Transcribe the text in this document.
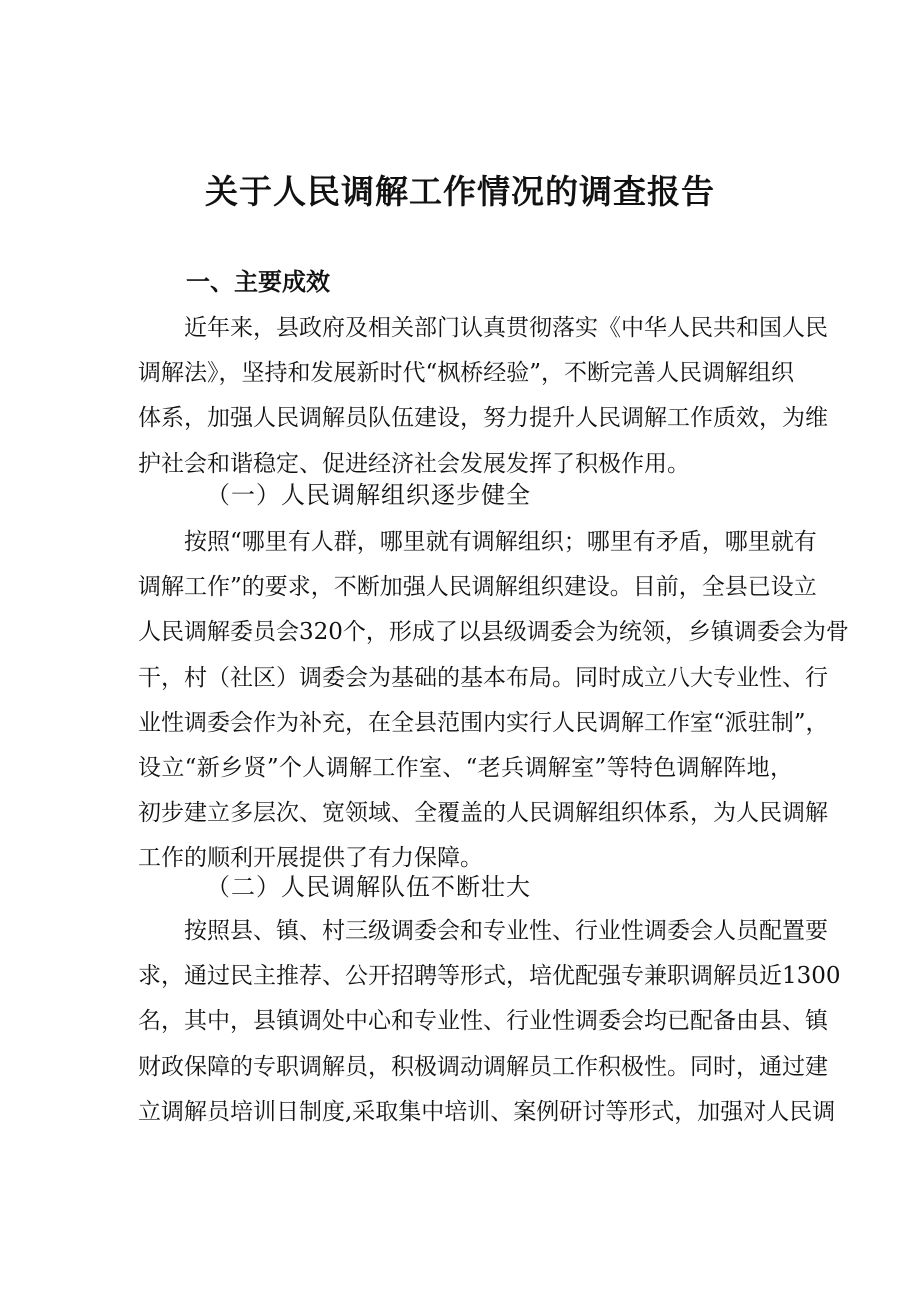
关于人民调解工作情况的调查报告
一、主要成效

近年来，县政府及相关部门认真贯彻落实《中华人民共和国人民
调解法》，坚持和发展新时代“枫桥经验”，不断完善人民调解组织
体系，加强人民调解员队伍建设，努力提升人民调解工作质效，为维
护社会和谐稳定、促进经济社会发展发挥了积极作用。

（一）人民调解组织逐步健全

按照“哪里有人群，哪里就有调解组织；哪里有矛盾，哪里就有
调解工作”的要求，不断加强人民调解组织建设。目前，全县已设立
人民调解委员会320个，形成了以县级调委会为统领，乡镇调委会为骨
干，村（社区）调委会为基础的基本布局。同时成立八大专业性、行
业性调委会作为补充，在全县范围内实行人民调解工作室“派驻制”，
设立“新乡贤”个人调解工作室、“老兵调解室”等特色调解阵地，
初步建立多层次、宽领域、全覆盖的人民调解组织体系，为人民调解
工作的顺利开展提供了有力保障。

（二）人民调解队伍不断壮大

按照县、镇、村三级调委会和专业性、行业性调委会人员配置要
求，通过民主推荐、公开招聘等形式，培优配强专兼职调解员近1300
名，其中，县镇调处中心和专业性、行业性调委会均已配备由县、镇
财政保障的专职调解员，积极调动调解员工作积极性。同时，通过建
立调解员培训日制度,采取集中培训、案例研讨等形式，加强对人民调
